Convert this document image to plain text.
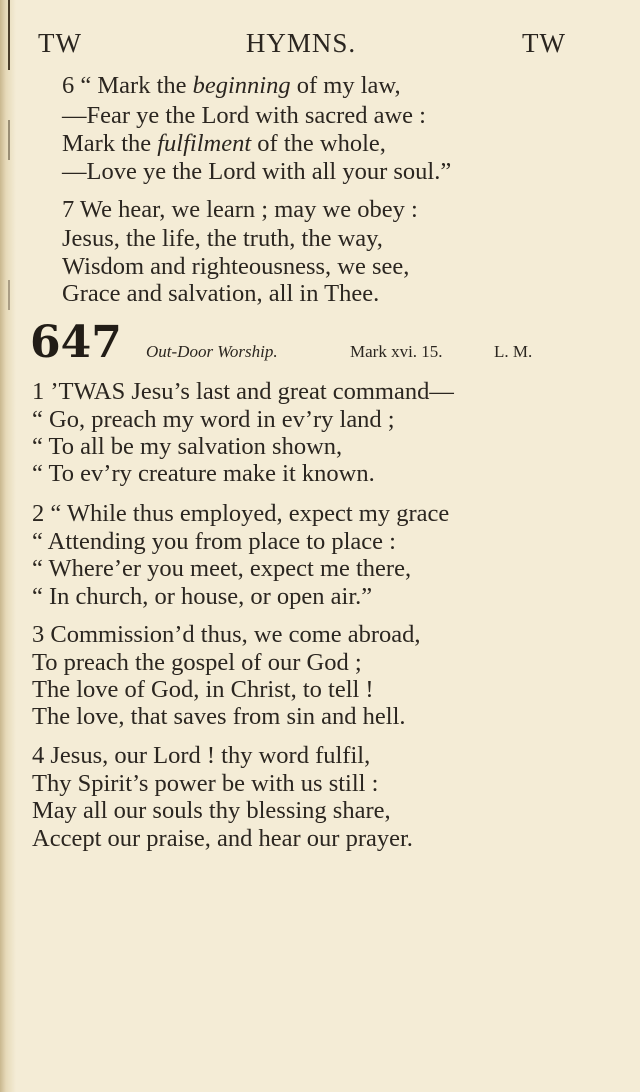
TW	HYMNS.	TW
6 “ Mark the beginning of my law,
—Fear ye the Lord with sacred awe :
Mark the fulfilment of the whole,
—Love ye the Lord with all your soul.”
7 We hear, we learn ; may we obey :
Jesus, the life, the truth, the way,
Wisdom and righteousness, we see,
Grace and salvation, all in Thee.
647 Out-Door Worship.	Mark xvi. 15.	L. M.
1 ’TWAS Jesu’s last and great command—
“ Go, preach my word in ev’ry land ;
“ To all be my salvation shown,
“ To ev’ry creature make it known.
2 “ While thus employed, expect my grace
“ Attending you from place to place :
“ Where’er you meet, expect me there,
“ In church, or house, or open air.”
3 Commission’d thus, we come abroad,
To preach the gospel of our God ;
The love of God, in Christ, to tell !
The love, that saves from sin and hell.
4 Jesus, our Lord ! thy word fulfil,
Thy Spirit’s power be with us still :
May all our souls thy blessing share,
Accept our praise, and hear our prayer.
